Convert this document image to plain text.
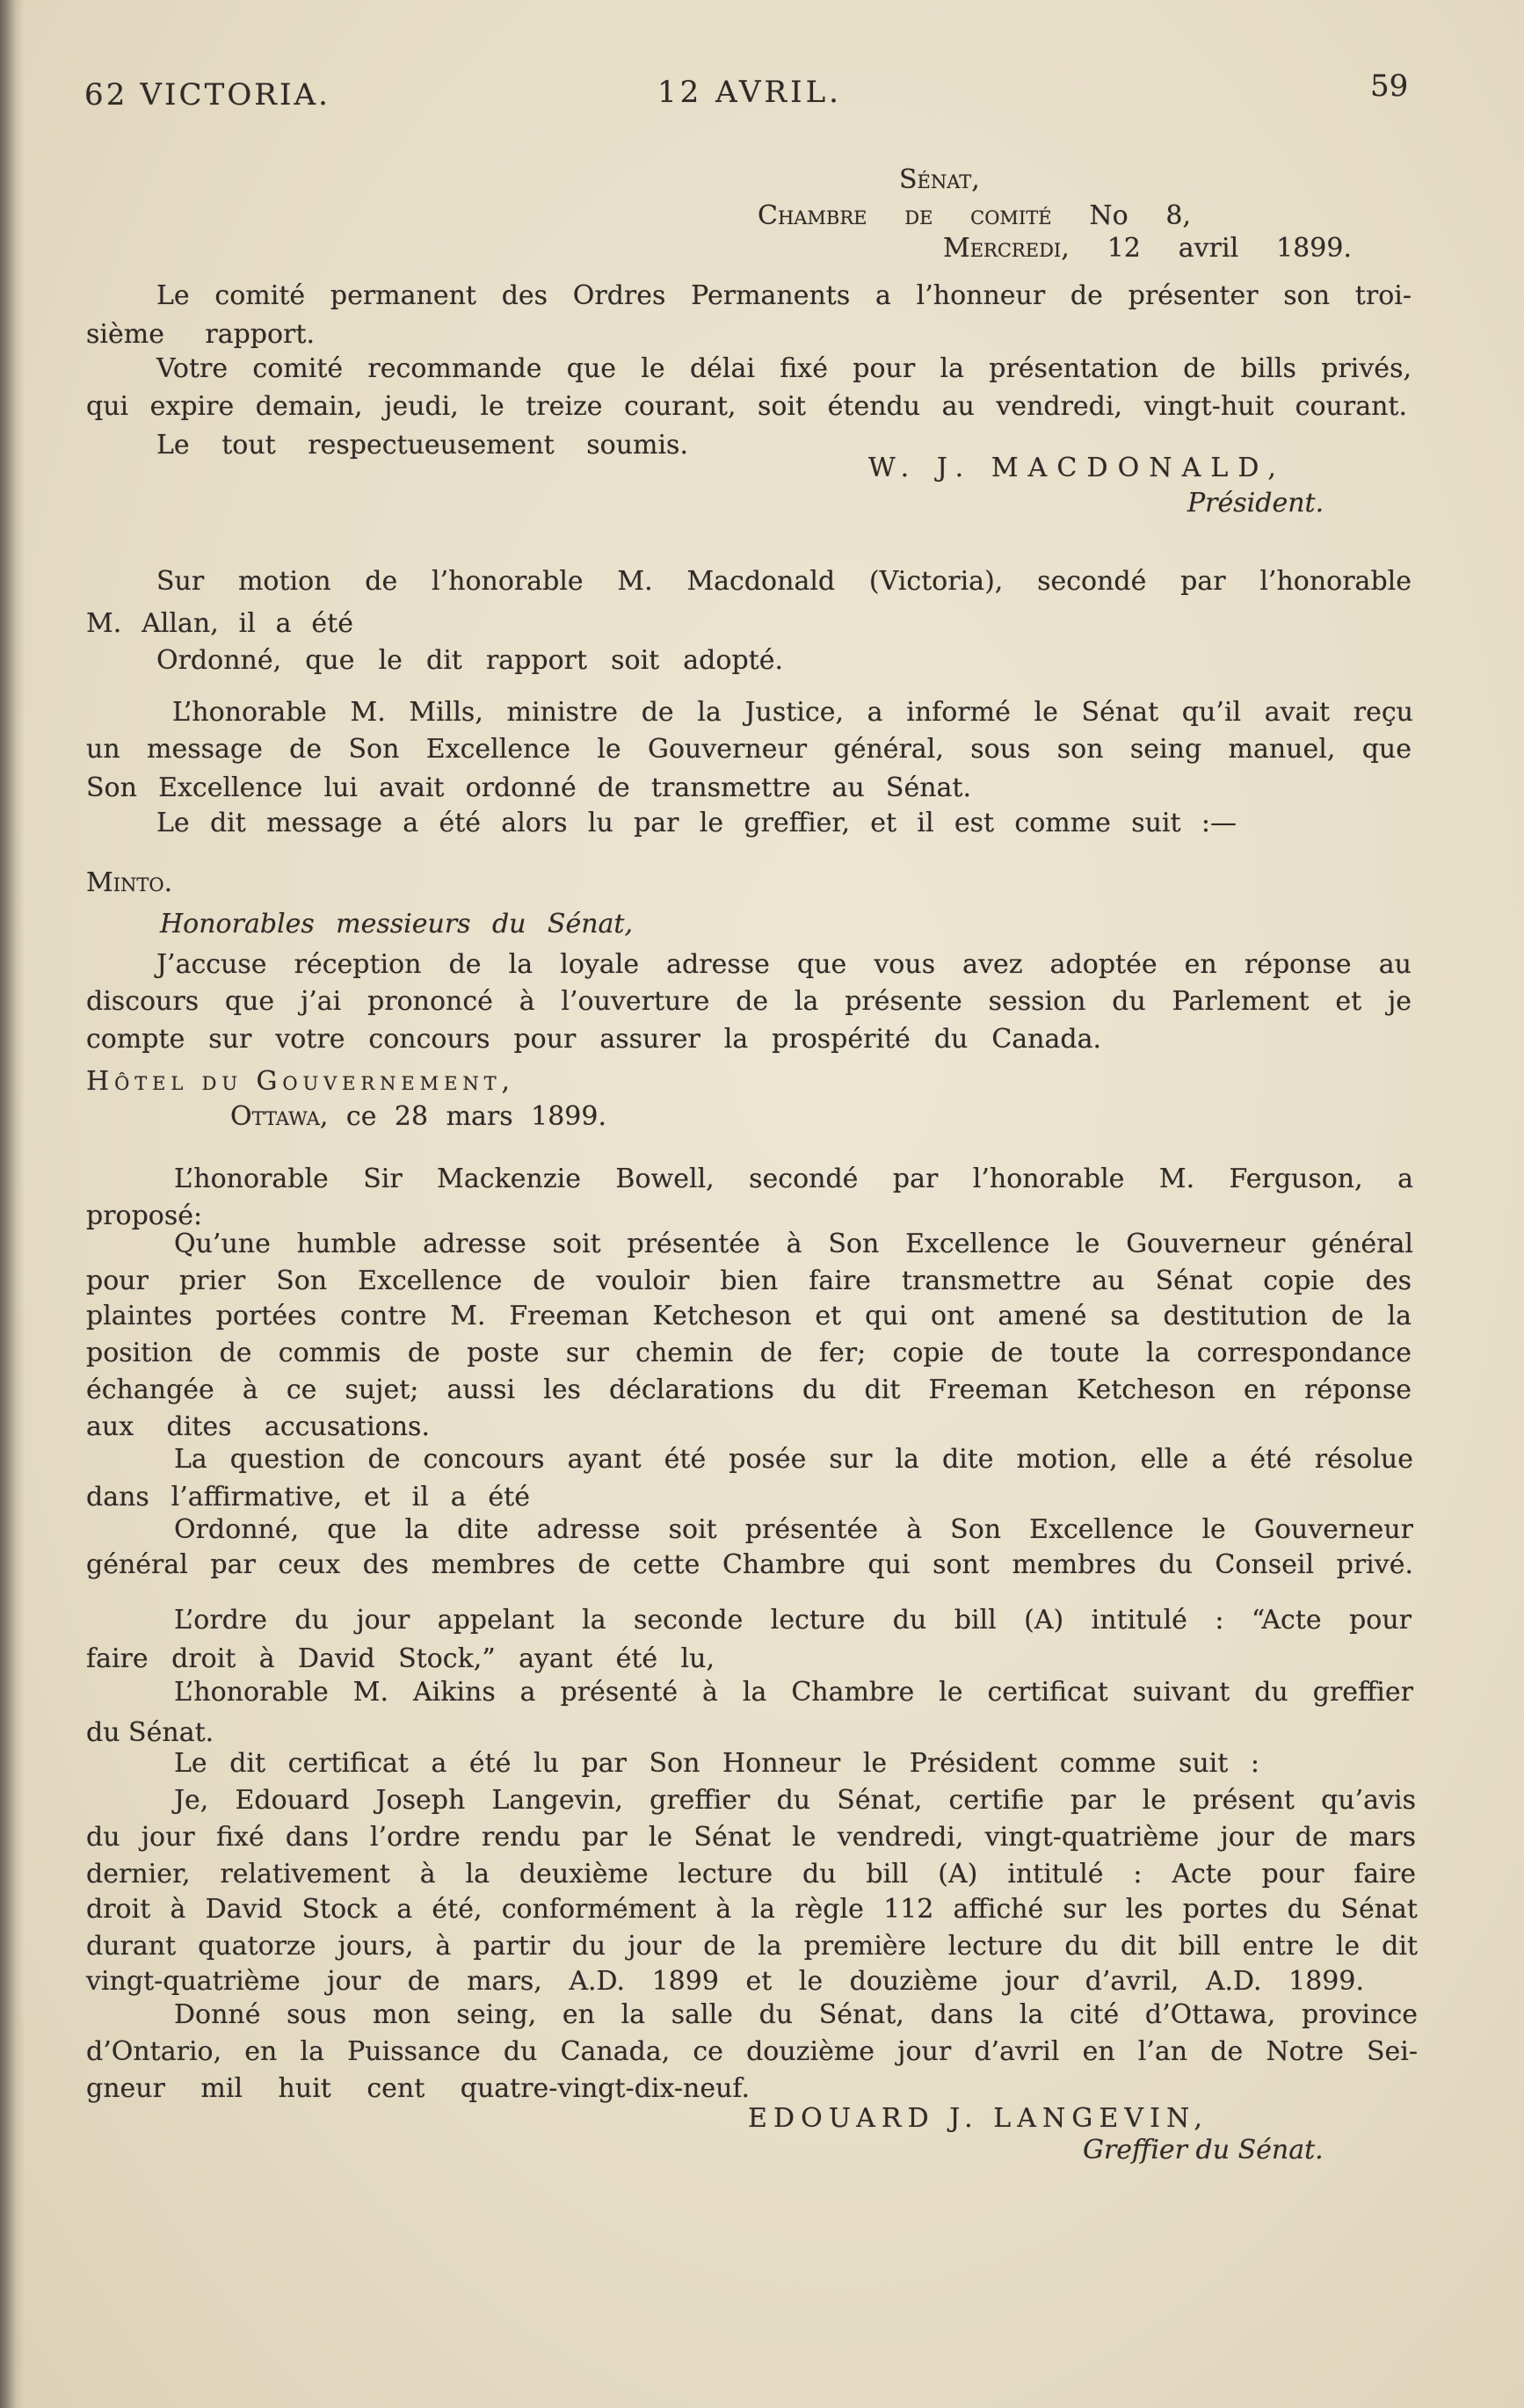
62 VICTORIA.	12 AVRIL.	59
Sénat,
Chambre de comité No 8,
Mercredi, 12 avril 1899.
Le comité permanent des Ordres Permanents a l’honneur de présenter son troi-
sième rapport.
Votre comité recommande que le délai fixé pour la présentation de bills privés,
qui expire demain, jeudi, le treize courant, soit étendu au vendredi, vingt-huit courant.
Le tout respectueusement soumis.
W. J. MACDONALD,
Président.
Sur motion de l’honorable M. Macdonald (Victoria), secondé par l’honorable
M. Allan, il a été
Ordonné, que le dit rapport soit adopté.
L’honorable M. Mills, ministre de la Justice, a informé le Sénat qu’il avait reçu
un message de Son Excellence le Gouverneur général, sous son seing manuel, que
Son Excellence lui avait ordonné de transmettre au Sénat.
Le dit message a été alors lu par le greffier, et il est comme suit :—
Minto.
Honorables messieurs du Sénat,
J’accuse réception de la loyale adresse que vous avez adoptée en réponse au
discours que j’ai prononcé à l’ouverture de la présente session du Parlement et je
compte sur votre concours pour assurer la prospérité du Canada.
Hôtel du Gouvernement,
Ottawa, ce 28 mars 1899.
L’honorable Sir Mackenzie Bowell, secondé par l’honorable M. Ferguson, a
proposé:
Qu’une humble adresse soit présentée à Son Excellence le Gouverneur général
pour prier Son Excellence de vouloir bien faire transmettre au Sénat copie des
plaintes portées contre M. Freeman Ketcheson et qui ont amené sa destitution de la
position de commis de poste sur chemin de fer; copie de toute la correspondance
échangée à ce sujet; aussi les déclarations du dit Freeman Ketcheson en réponse
aux dites accusations.
La question de concours ayant été posée sur la dite motion, elle a été résolue
dans l’affirmative, et il a été
Ordonné, que la dite adresse soit présentée à Son Excellence le Gouverneur
général par ceux des membres de cette Chambre qui sont membres du Conseil privé.
L’ordre du jour appelant la seconde lecture du bill (A) intitulé : “Acte pour
faire droit à David Stock,” ayant été lu,
L’honorable M. Aikins a présenté à la Chambre le certificat suivant du greffier
du Sénat.
Le dit certificat a été lu par Son Honneur le Président comme suit :
Je, Edouard Joseph Langevin, greffier du Sénat, certifie par le présent qu’avis
du jour fixé dans l’ordre rendu par le Sénat le vendredi, vingt-quatrième jour de mars
dernier, relativement à la deuxième lecture du bill (A) intitulé : Acte pour faire
droit à David Stock a été, conformément à la règle 112 affiché sur les portes du Sénat
durant quatorze jours, à partir du jour de la première lecture du dit bill entre le dit
vingt-quatrième jour de mars, A.D. 1899 et le douzième jour d’avril, A.D. 1899.
Donné sous mon seing, en la salle du Sénat, dans la cité d’Ottawa, province
d’Ontario, en la Puissance du Canada, ce douzième jour d’avril en l’an de Notre Sei-
gneur mil huit cent quatre-vingt-dix-neuf.
EDOUARD J. LANGEVIN,
Greffier du Sénat.
